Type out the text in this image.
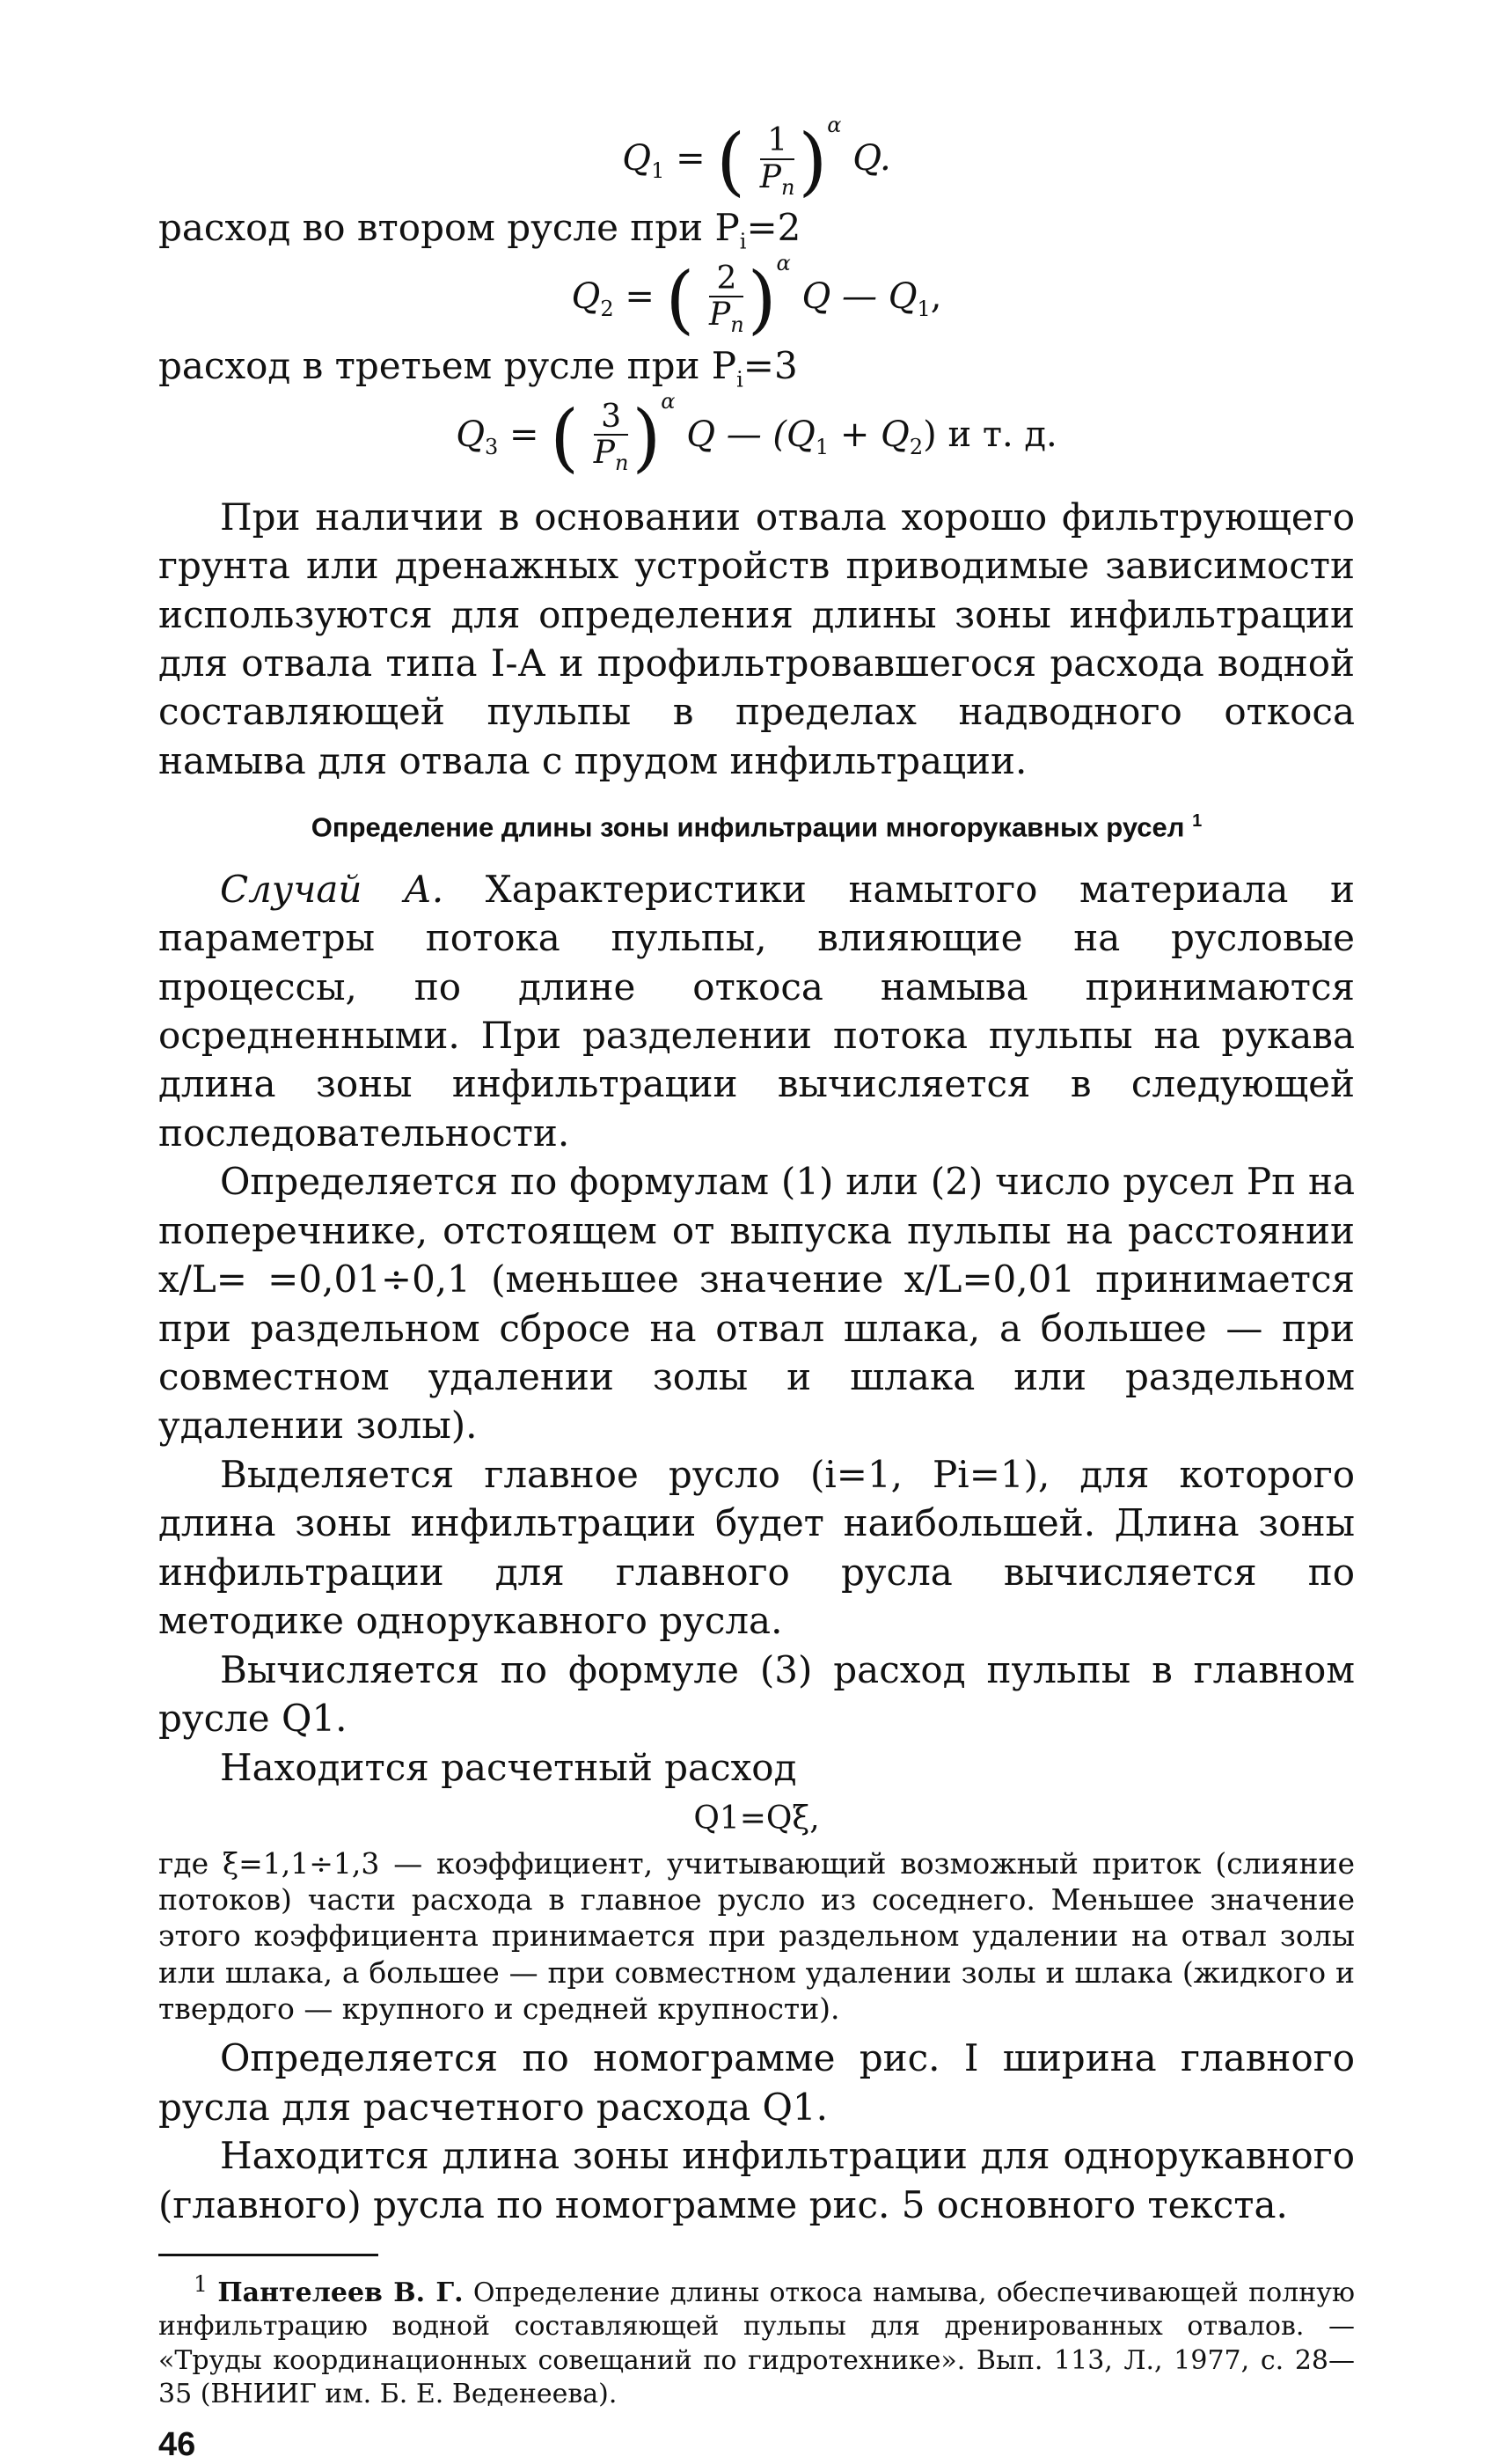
$Q_1$ = ( $\frac{1}{P_n} )^\alpha$ Q.
расход во втором русле при $P_i=2$
$Q_2$ = ( $\frac{2}{P_n} )^\alpha$ Q — $Q_1$,
расход в третьем русле при $P_i=3$
$Q_3$ = ( $\frac{3}{P_n} )^\alpha$ Q — $(Q_1 + Q_2)$ и т. д.

При наличии в основании отвала хорошо фильтрующего грунта или дренажных устройств приводимые зависимости используются для определения длины зоны инфильтрации для отвала типа I-А и профильтровавшегося расхода водной составляющей пульпы в пределах надводного откоса намыва для отвала с прудом инфильтрации.

Определение длины зоны инфильтрации многорукавных русел $^1$

Случай А. Характеристики намытого материала и параметры потока пульпы, влияющие на русловые процессы, по длине откоса намыва принимаются осредненными. При разделении потока пульпы на рукава длина зоны инфильтрации вычисляется в следующей последовательности.

Определяется по формулам (1) или (2) число русел Pп на поперечнике, отстоящем от выпуска пульпы на расстоянии x/L= =0,01÷0,1 (меньшее значение x/L=0,01 принимается при раздельном сбросе на отвал шлака, а большее — при совместном удалении золы и шлака или раздельном удалении золы).

Выделяется главное русло (i=1, Pi=1), для которого длина зоны инфильтрации будет наибольшей. Длина зоны инфильтрации для главного русла вычисляется по методике однорукавного русла.

Вычисляется по формуле (3) расход пульпы в главном русле Q1.

Находится расчетный расход

Q1=Qξ,

где ξ=1,1÷1,3 — коэффициент, учитывающий возможный приток (слияние потоков) части расхода в главное русло из соседнего. Меньшее значение этого коэффициента принимается при раздельном удалении на отвал золы или шлака, а большее — при совместном удалении золы и шлака (жидкого и твердого — крупного и средней крупности).

Определяется по номограмме рис. I ширина главного русла для расчетного расхода Q1.

Находится длина зоны инфильтрации для однорукавного (главного) русла по номограмме рис. 5 основного текста.

$^1$ Пантелеев В. Г. Определение длины откоса намыва, обеспечивающей полную инфильтрацию водной составляющей пульпы для дренированных отвалов. — «Труды координационных совещаний по гидротехнике». Вып. 113, Л., 1977, с. 28—35 (ВНИИГ им. Б. Е. Веденеева).
46
